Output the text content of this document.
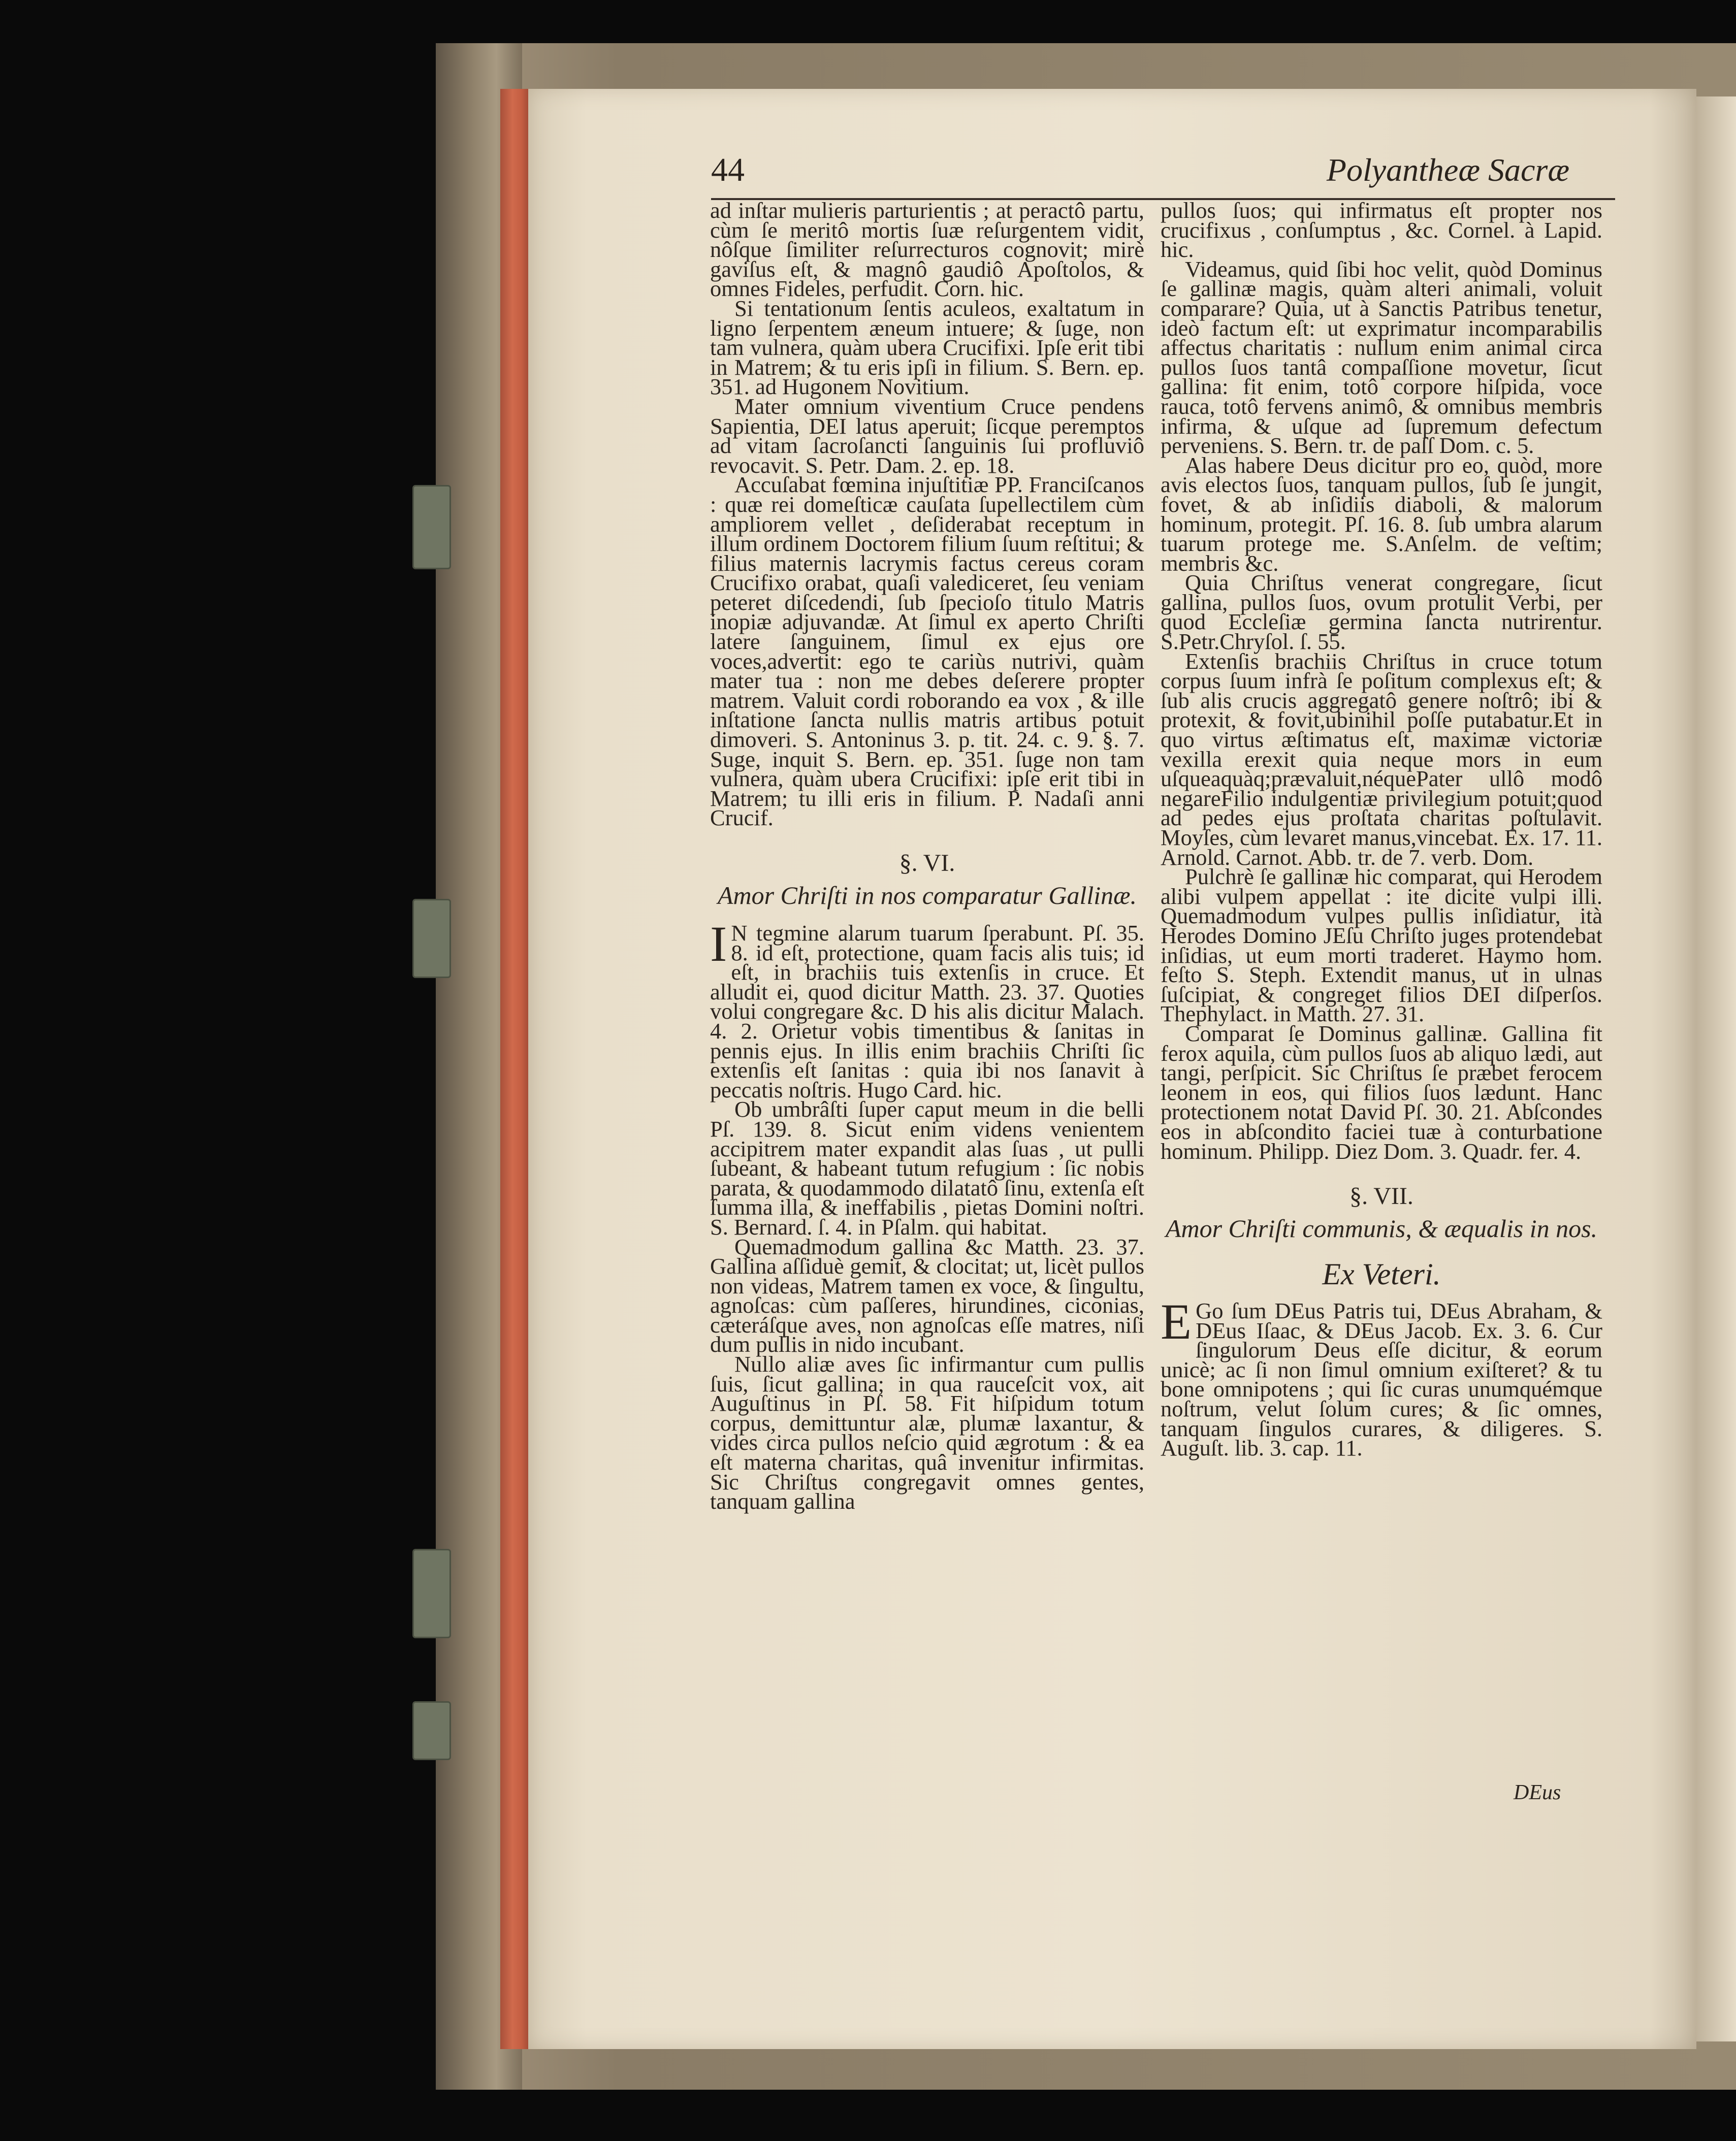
44	Polyantheæ Sacræ

ad inſtar mulieris parturientis ; at peractô partu, cùm ſe meritô mortis ſuæ reſurgentem vidit, nôſque ſimiliter reſurrecturos cognovit; mirè gaviſus eſt, & magnô gaudiô Apoſtolos, & omnes Fideles, perfudit. Corn. hic.

Si tentationum ſentis aculeos, exaltatum in ligno ſerpentem æneum intuere; & ſuge, non tam vulnera, quàm ubera Crucifixi. Ipſe erit tibi in Matrem; & tu eris ipſi in filium. S. Bern. ep. 351. ad Hugonem Novitium.

Mater omnium viventium Cruce pendens Sapientia, DEI latus aperuit; ſicque peremptos ad vitam ſacroſancti ſanguinis ſui profluviô revocavit. S. Petr. Dam. 2. ep. 18.

Accuſabat fœmina injuſtitiæ PP. Franciſcanos : quæ rei domeſticæ cauſata ſupellectilem cùm ampliorem vellet , deſiderabat receptum in illum ordinem Doctorem filium ſuum reſtitui; & filius maternis lacrymis factus cereus coram Crucifixo orabat, quaſi valediceret, ſeu veniam peteret diſcedendi, ſub ſpecioſo titulo Matris inopiæ adjuvandæ. At ſimul ex aperto Chriſti latere ſanguinem, ſimul ex ejus ore voces,advertit: ego te cariùs nutrivi, quàm mater tua : non me debes deſerere propter matrem. Valuit cordi roborando ea vox , & ille inſtatione ſancta nullis matris artibus potuit dimoveri. S. Antoninus 3. p. tit. 24. c. 9. §. 7. Suge, inquit S. Bern. ep. 351. ſuge non tam vulnera, quàm ubera Crucifixi: ipſe erit tibi in Matrem; tu illi eris in filium. P. Nadaſi anni Crucif.

§. VI.
Amor Chriſti in nos comparatur Gallinæ.

I N tegmine alarum tuarum ſperabunt. Pſ. 35. 8. id eſt, protectione, quam facis alis tuis; id eſt, in brachiis tuis extenſis in cruce. Et alludit ei, quod dicitur Matth. 23. 37. Quoties volui congregare &c. D his alis dicitur Malach. 4. 2. Orietur vobis timentibus & ſanitas in pennis ejus. In illis enim brachiis Chriſti ſic extenſis eſt ſanitas : quia ibi nos ſanavit à peccatis noſtris. Hugo Card. hic.

Ob umbrâſti ſuper caput meum in die belli Pſ. 139. 8. Sicut enim videns venientem accipitrem mater expandit alas ſuas , ut pulli ſubeant, & habeant tutum refugium : ſic nobis parata, & quodammodo dilatatô ſinu, extenſa eſt ſumma illa, & ineffabilis , pietas Domini noſtri. S. Bernard. ſ. 4. in Pſalm. qui habitat.

Quemadmodum gallina &c Matth. 23. 37. Gallina aſſiduè gemit, & clocitat; ut, licèt pullos non videas, Matrem tamen ex voce, & ſingultu, agnoſcas: cùm paſſeres, hirundines, ciconias, cæteráſque aves, non agnoſcas eſſe matres, niſi dum pullis in nido incubant.

Nullo aliæ aves ſic infirmantur cum pullis ſuis, ſicut gallina; in qua rauceſcit vox, ait Auguſtinus in Pſ. 58. Fit hiſpidum totum corpus, demittuntur alæ, plumæ laxantur, & vides circa pullos neſcio quid ægrotum : & ea eſt materna charitas, quâ invenitur infirmitas. Sic Chriſtus congregavit omnes gentes, tanquam gallina

pullos ſuos; qui infirmatus eſt propter nos crucifixus , conſumptus , &c. Cornel. à Lapid. hic.

Videamus, quid ſibi hoc velit, quòd Dominus ſe gallinæ magis, quàm alteri animali, voluit comparare? Quia, ut à Sanctis Patribus tenetur, ideò factum eſt: ut exprimatur incomparabilis affectus charitatis : nullum enim animal circa pullos ſuos tantâ compaſſione movetur, ſicut gallina: fit enim, totô corpore hiſpida, voce rauca, totô fervens animô, & omnibus membris infirma, & uſque ad ſupremum defectum perveniens. S. Bern. tr. de paſſ Dom. c. 5.

Alas habere Deus dicitur pro eo, quòd, more avis electos ſuos, tanquam pullos, ſub ſe jungit, fovet, & ab inſidiis diaboli, & malorum hominum, protegit. Pſ. 16. 8. ſub umbra alarum tuarum protege me. S.Anſelm. de veſtim; membris &c.

Quia Chriſtus venerat congregare, ſicut gallina, pullos ſuos, ovum protulit Verbi, per quod Eccleſiæ germina ſancta nutrirentur. S.Petr.Chryſol. ſ. 55.

Extenſis brachiis Chriſtus in cruce totum corpus ſuum infrà ſe poſitum complexus eſt; & ſub alis crucis aggregatô genere noſtrô; ibi & protexit, & fovit,ubinihil poſſe putabatur.Et in quo virtus æſtimatus eſt, maximæ victoriæ vexilla erexit quia neque mors in eum uſqueaquàq;prævaluit,néquePater ullô modô negareFilio indulgentiæ privilegium potuit;quod ad pedes ejus proſtata charitas poſtulavit. Moyſes, cùm levaret manus,vincebat. Ex. 17. 11. Arnold. Carnot. Abb. tr. de 7. verb. Dom.

Pulchrè ſe gallinæ hic comparat, qui Herodem alibi vulpem appellat : ite dicite vulpi illi. Quemadmodum vulpes pullis inſidiatur, ità Herodes Domino JEſu Chriſto juges protendebat inſidias, ut eum morti traderet. Haymo hom. feſto S. Steph. Extendit manus, ut in ulnas ſuſcipiat, & congreget filios DEI diſperſos. Thephylact. in Matth. 27. 31.

Comparat ſe Dominus gallinæ. Gallina fit ferox aquila, cùm pullos ſuos ab aliquo lædi, aut tangi, perſpicit. Sic Chriſtus ſe præbet ferocem leonem in eos, qui filios ſuos lædunt. Hanc protectionem notat David Pſ. 30. 21. Abſcondes eos in abſcondito faciei tuæ à conturbatione hominum. Philipp. Diez Dom. 3. Quadr. fer. 4.

§. VII.
Amor Chriſti communis, & æqualis in nos.
Ex Veteri.

E Go ſum DEus Patris tui, DEus Abraham, & DEus Iſaac, & DEus Jacob. Ex. 3. 6. Cur ſingulorum Deus eſſe dicitur, & eorum unicè; ac ſi non ſimul omnium exiſteret? & tu bone omnipotens ; qui ſic curas unumquémque noſtrum, velut ſolum cures; & ſic omnes, tanquam ſingulos curares, & diligeres. S. Auguſt. lib. 3. cap. 11.

DEus
